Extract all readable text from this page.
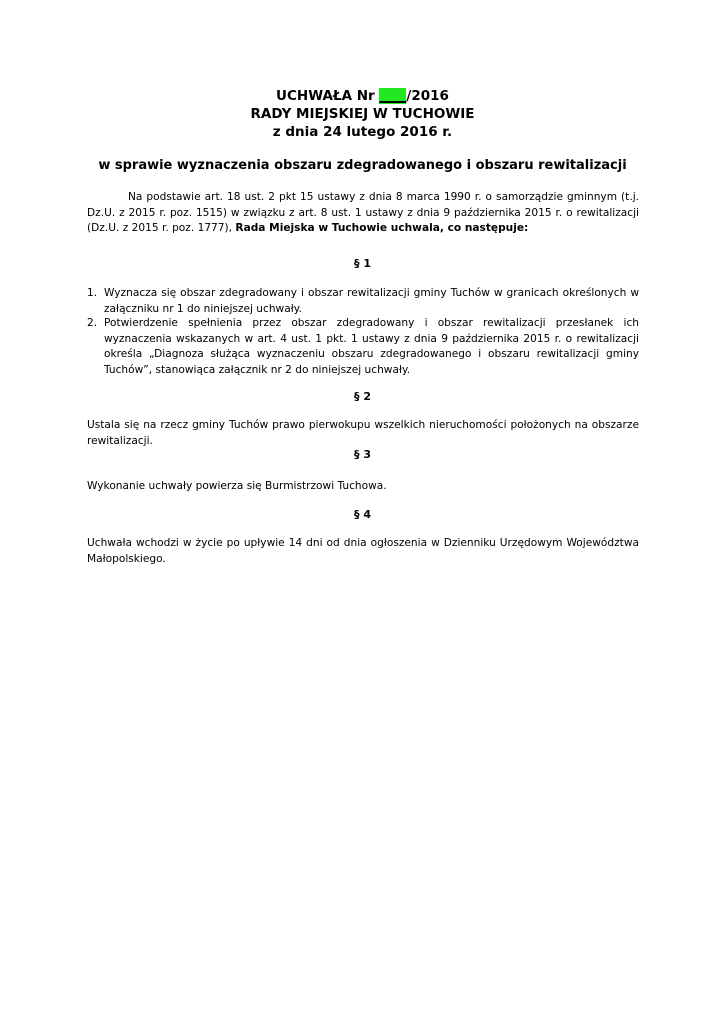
UCHWAŁA Nr ____/2016
RADY MIEJSKIEJ W TUCHOWIE
z dnia 24 lutego 2016 r.
w sprawie wyznaczenia obszaru zdegradowanego i obszaru rewitalizacji
Na podstawie art. 18 ust. 2 pkt 15 ustawy z dnia 8 marca 1990 r. o samorządzie gminnym (t.j. Dz.U. z 2015 r. poz. 1515) w związku z art. 8 ust. 1 ustawy z dnia 9 października 2015 r. o rewitalizacji (Dz.U. z 2015 r. poz. 1777), Rada Miejska w Tuchowie uchwala, co następuje:
§ 1
1. Wyznacza się obszar zdegradowany i obszar rewitalizacji gminy Tuchów w granicach określonych w załączniku nr 1 do niniejszej uchwały.
2. Potwierdzenie spełnienia przez obszar zdegradowany i obszar rewitalizacji przesłanek ich wyznaczenia wskazanych w art. 4 ust. 1 pkt. 1 ustawy z dnia 9 października 2015 r. o rewitalizacji określa „Diagnoza służąca wyznaczeniu obszaru zdegradowanego i obszaru rewitalizacji gminy Tuchów”, stanowiąca załącznik nr 2 do niniejszej uchwały.
§ 2
Ustala się na rzecz gminy Tuchów prawo pierwokupu wszelkich nieruchomości położonych na obszarze rewitalizacji.
§ 3
Wykonanie uchwały powierza się Burmistrzowi Tuchowa.
§ 4
Uchwała wchodzi w życie po upływie 14 dni od dnia ogłoszenia w Dzienniku Urzędowym Województwa Małopolskiego.
